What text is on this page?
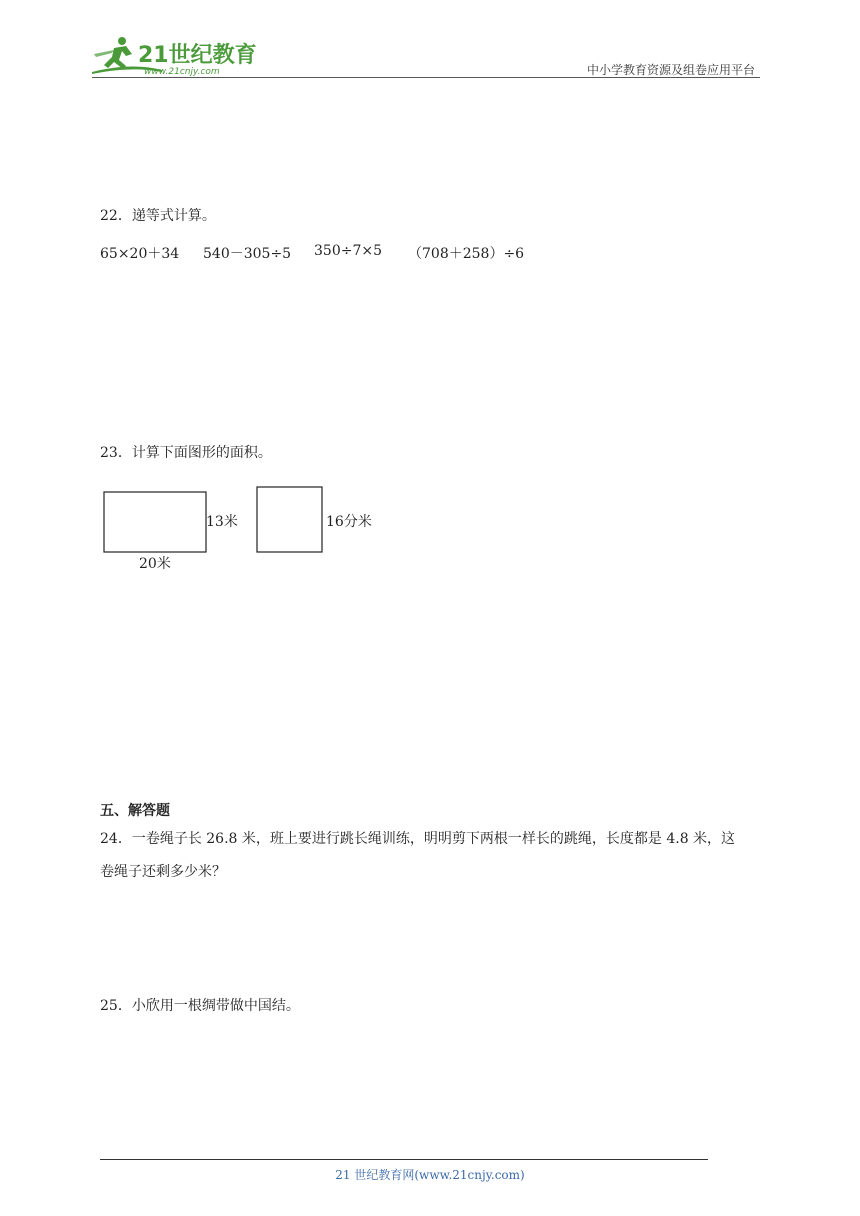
21世纪教育
www.21cnjy.com	中小学教育资源及组卷应用平台
22．递等式计算。
65×20＋34 540－305÷5 350÷7×5 （708＋258）÷6
23．计算下面图形的面积。
13米
20米
16分米
五、解答题
24．一卷绳子长 26.8 米，班上要进行跳长绳训练，明明剪下两根一样长的跳绳，长度都是 4.8 米，这
卷绳子还剩多少米？
25．小欣用一根绸带做中国结。
21 世纪教育网(www.21cnjy.com)
